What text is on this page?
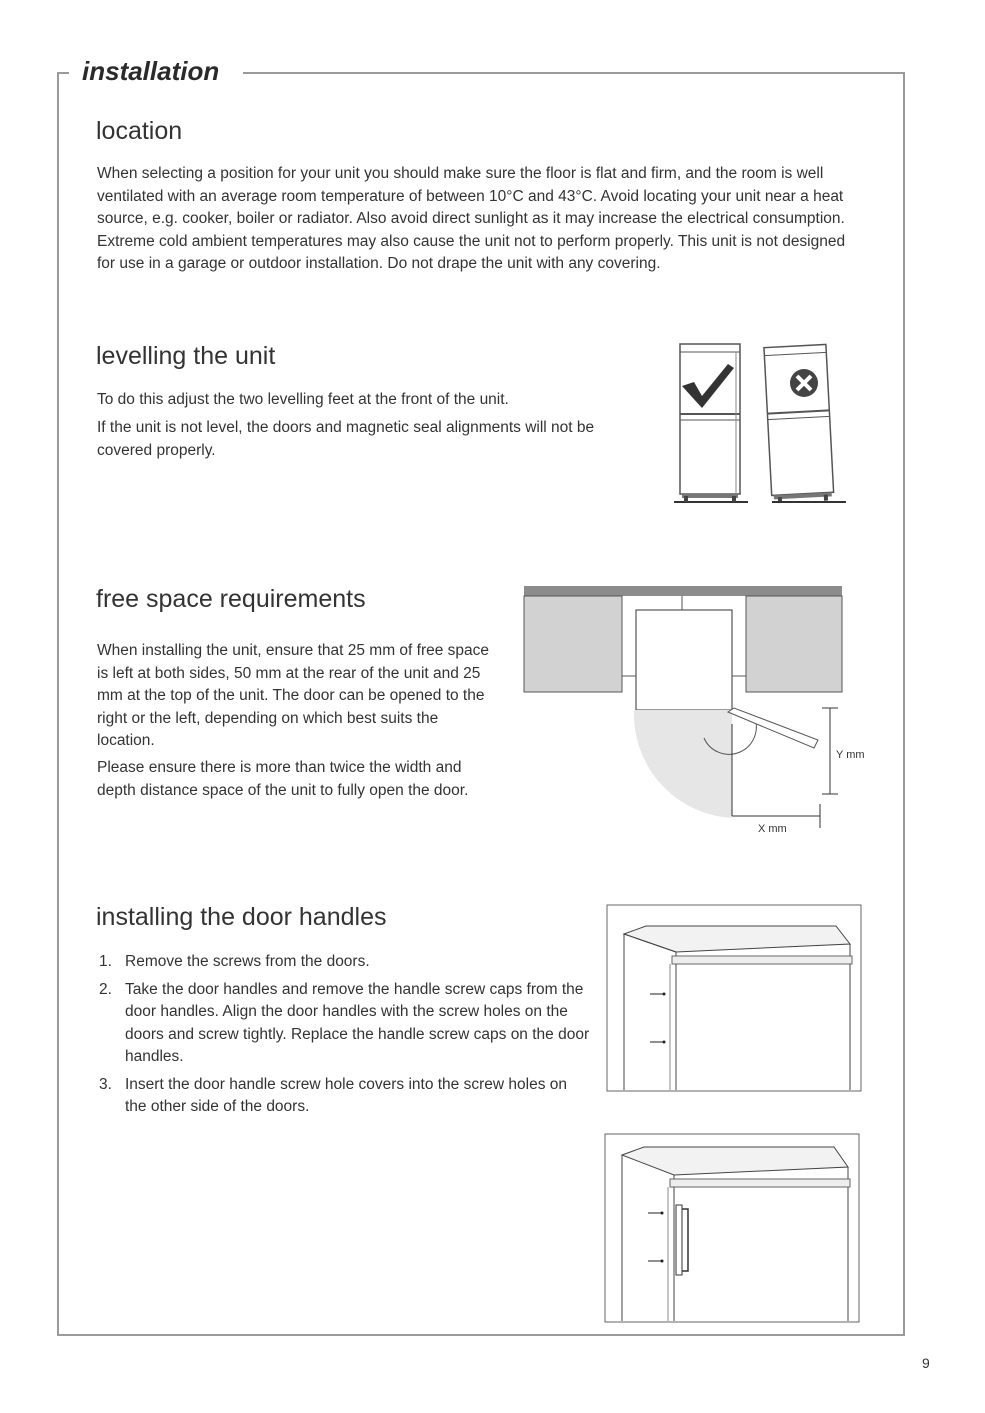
installation
location

When selecting a position for your unit you should make sure the floor is flat and firm, and the room is well ventilated with an average room temperature of between 10°C and 43°C. Avoid locating your unit near a heat source, e.g. cooker, boiler or radiator. Also avoid direct sunlight as it may increase the electrical consumption. Extreme cold ambient temperatures may also cause the unit not to perform properly. This unit is not designed for use in a garage or outdoor installation. Do not drape the unit with any covering.

levelling the unit

To do this adjust the two levelling feet at the front of the unit.

If the unit is not level, the doors and magnetic seal alignments will not be covered properly.

free space requirements

When installing the unit, ensure that 25 mm of free space is left at both sides, 50 mm at the rear of the unit and 25 mm at the top of the unit. The door can be opened to the right or the left, depending on which best suits the location.

Please ensure there is more than twice the width and depth distance space of the unit to fully open the door.

Y mm
X mm
installing the door handles
1. Remove the screws from the doors.
2. Take the door handles and remove the handle screw caps from the door handles. Align the door handles with the screw holes on the doors and screw tightly. Replace the handle screw caps on the door handles.
3. Insert the door handle screw hole covers into the screw holes on the other side of the doors.
9
